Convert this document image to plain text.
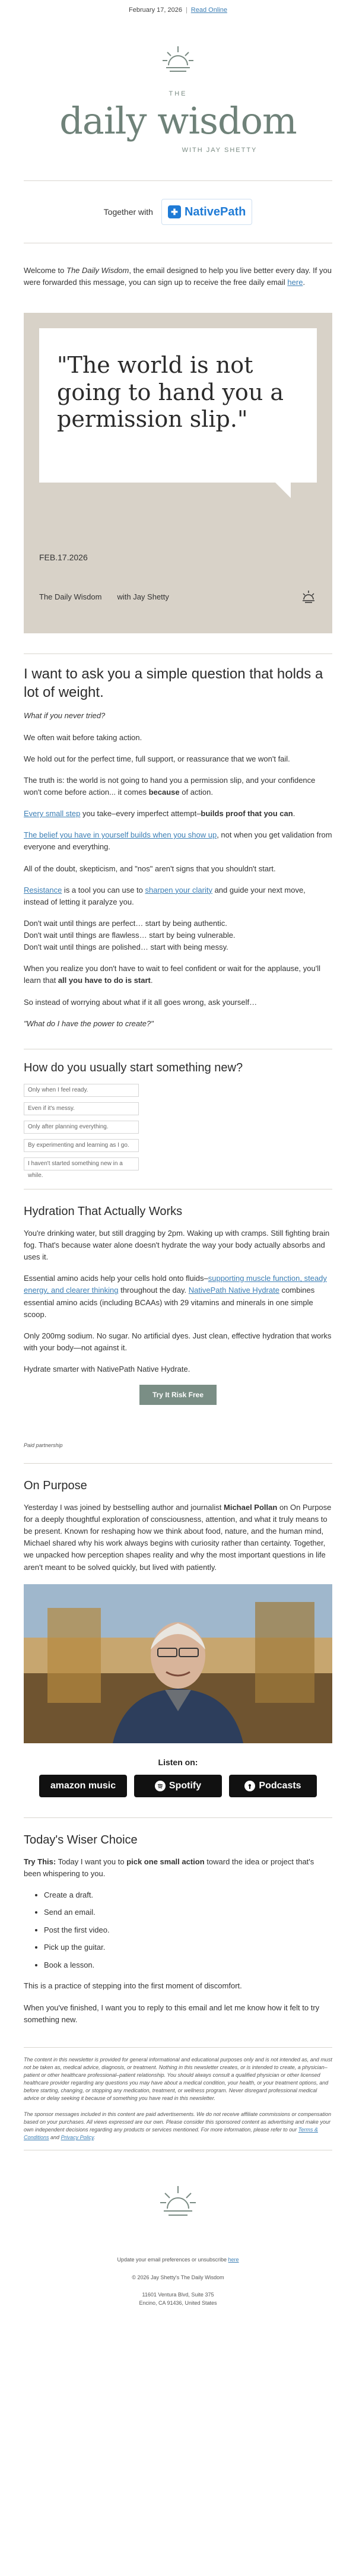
February 17, 2026 | Read Online
THE
daily wisdom
WITH JAY SHETTY
Together with	✚ NativePath
Welcome to The Daily Wisdom, the email designed to help you live better every day. If you were forwarded this message, you can sign up to receive the free daily email here.
"The world is not going to hand you a permission slip."
FEB.17.2026
The Daily Wisdom with Jay Shetty
I want to ask you a simple question that holds a lot of weight.

What if you never tried?

We often wait before taking action.

We hold out for the perfect time, full support, or reassurance that we won't fail.

The truth is: the world is not going to hand you a permission slip, and your confidence won't come before action... it comes because of action.

Every small step you take–every imperfect attempt–builds proof that you can.

The belief you have in yourself builds when you show up, not when you get validation from everyone and everything.

All of the doubt, skepticism, and "nos" aren't signs that you shouldn't start.

Resistance is a tool you can use to sharpen your clarity and guide your next move, instead of letting it paralyze you.

Don't wait until things are perfect… start by being authentic.

Don't wait until things are flawless… start by being vulnerable.

Don't wait until things are polished… start with being messy.

When you realize you don't have to wait to feel confident or wait for the applause, you'll learn that all you have to do is start.

So instead of worrying about what if it all goes wrong, ask yourself…

"What do I have the power to create?"

How do you usually start something new?
Only when I feel ready.
Even if it's messy.
Only after planning everything.
By experimenting and learning as I go.
I haven't started something new in a while.
Hydration That Actually Works

You're drinking water, but still dragging by 2pm. Waking up with cramps. Still fighting brain fog. That's because water alone doesn't hydrate the way your body actually absorbs and uses it.

Essential amino acids help your cells hold onto fluids–supporting muscle function, steady energy, and clearer thinking throughout the day. NativePath Native Hydrate combines essential amino acids (including BCAAs) with 29 vitamins and minerals in one simple scoop.

Only 200mg sodium. No sugar. No artificial dyes. Just clean, effective hydration that works with your body—not against it.

Hydrate smarter with NativePath Native Hydrate.

Try It Risk Free
Paid partnership
On Purpose

Yesterday I was joined by bestselling author and journalist Michael Pollan on On Purpose for a deeply thoughtful exploration of consciousness, attention, and what it truly means to be present. Known for reshaping how we think about food, nature, and the human mind, Michael shared why his work always begins with curiosity rather than certainty. Together, we unpacked how perception shapes reality and why the most important questions in life aren't meant to be solved quickly, but lived with patiently.

Listen on:
amazon music	Spotify	Podcasts
Today's Wiser Choice

Try This: Today I want you to pick one small action toward the idea or project that's been whispering to you.

• Create a draft.
• Send an email.
• Post the first video.
• Pick up the guitar.
• Book a lesson.

This is a practice of stepping into the first moment of discomfort.

When you've finished, I want you to reply to this email and let me know how it felt to try something new.

The content in this newsletter is provided for general informational and educational purposes only and is not intended as, and must not be taken as, medical advice, diagnosis, or treatment. Nothing in this newsletter creates, or is intended to create, a physician–patient or other healthcare professional–patient relationship. You should always consult a qualified physician or other licensed healthcare provider regarding any questions you may have about a medical condition, your health, or your treatment options, and before starting, changing, or stopping any medication, treatment, or wellness program. Never disregard professional medical advice or delay seeking it because of something you have read in this newsletter.

The sponsor messages included in this content are paid advertisements. We do not receive affiliate commissions or compensation based on your purchases. All views expressed are our own. Please consider this sponsored content as advertising and make your own independent decisions regarding any products or services mentioned. For more information, please refer to our Terms & Conditions and Privacy Policy.

Update your email preferences or unsubscribe here
© 2026 Jay Shetty's The Daily Wisdom
11601 Ventura Blvd, Suite 375
Encino, CA 91436, United States
